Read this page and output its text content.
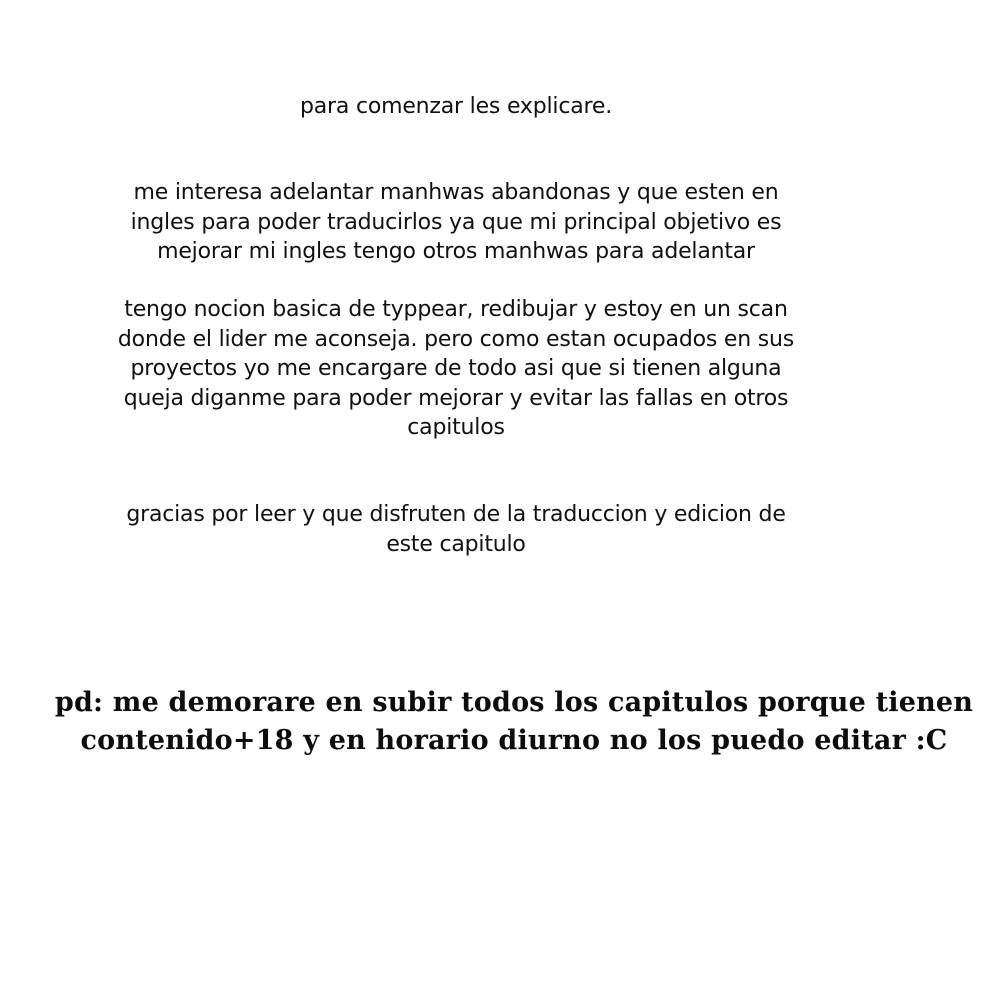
para comenzar les explicare.

me interesa adelantar manhwas abandonas y que esten en
ingles para poder traducirlos ya que mi principal objetivo es
mejorar mi ingles tengo otros manhwas para adelantar

tengo nocion basica de typpear, redibujar y estoy en un scan
donde el lider me aconseja. pero como estan ocupados en sus
proyectos yo me encargare de todo asi que si tienen alguna
queja diganme para poder mejorar y evitar las fallas en otros
capitulos

gracias por leer y que disfruten de la traduccion y edicion de
este capitulo

pd: me demorare en subir todos los capitulos porque tienen
contenido+18 y en horario diurno no los puedo editar :C
